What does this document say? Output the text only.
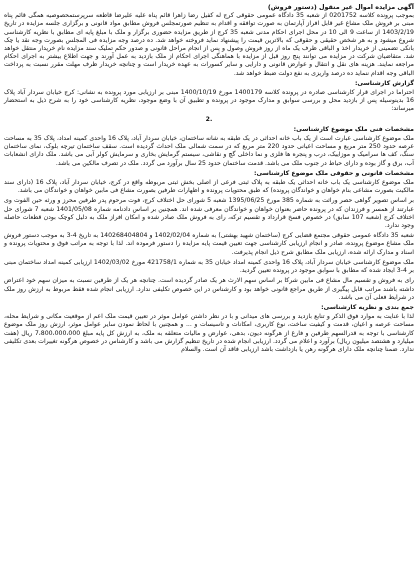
آگهی مزایده اموال غیر منقول (دستور فروش)
بموجب پرونده کلاسه 0201752 از شعبه 35 دادگاه عمومی حقوقی کرج له کفیل رضا زاهرا قائم پناه علیه علیرضا قاطعه سرپرستمحصوصیه همگی قائم پناه مبنی بر فروش ملک مشاع غیر قابل افراز آپارتمان به صورت توافقه و اقدام به تنظیم صورتمجلس فروش مطابق مواد قانونی و برگزاری جلسه مزایده در تاریخ 1403/2/19 از ساعت 9 الی 10 در محل اجرای احکام مدنی شعبه 35 کرج از طریق مزایده حضوری برگزار و ملک با مبلغ پایه ای مطابق با نظریه کارشناسی شروع میشود و به هر شخص حقیقی و حقوقی که بالاترین قیمت را پیشنهاد نماید فروخته خواهد شد. ده درصد وجه مزایده فی المجلس بصورت وجه نقد یا چک بانکی تضمینی از خریدار اخذ و الباقی ظرف یک ماه از روز فروش وصول و پس از انجام مراحل قانونی و صدور حکم تملیک سند مزایده نام خریدار منتقل خواهد شد. متقاضیان شرکت در مزایده می توانند پنج روز قبل از مزایده با هماهنگی اجرای احکام از ملک بازدید به عمل آورند و جهت اطلاع بیشتر به اجرای احکام مراجعه نمایند. هزینه های نقل و انتقال و عوارض قانونی و دارایی و سایر کسورات به عهده خریدار است و چنانچه خریدار ظرف مهلت مقرر نسبت به پرداخت الباقی وجه اقدام ننماید ده درصد واریزی به نفع دولت ضبط خواهد شد.
گزارش کارشناسی:
احتراما در اجرای قرار کارشناسی صادره در پرونده کلاسه 1400179 مورخ 1400/10/19 مبنی بر ارزیابی مورد پرونده به نشانی: کرج خیابان سردار آباد پلاک 16 بدینوسیله پس از بازدید محل و بررسی سوابق و مدارک موجود در پرونده و تطبیق آن با وضع موجود، نظریه کارشناسی خود را به شرح ذیل به استحضار میرساند:
2.
مشخصات فنی ملک موضوع کارشناسی:
ملک موضوع کارشناسی عبارت است از یک باب خانه احداثی در یک طبقه به شانه ساختمان، خیابان سردار آباد، پلاک 16 واحدی کمینه امداد، پلاک 35 به مساحت عرصه حدود 250 متر مربع و مساحت اعیانی حدود 220 متر مربع که در سمت شمالی ملک احداث گردیده است. سقف ساختمان تیرچه بلوک، نمای ساختمان سنگ، کف ها سرامیک و موزاییک، درب و پنجره ها فلزی و نما داخلی گچ و نقاشی، سیستم گرمایش بخاری و سرمایش کولر آبی می باشد. ملک دارای انشعابات آب، برق و گاز بوده و دارای حیاط در جنوب ملک می باشد. قدمت ساختمان حدود 25 سال برآورد می گردد. ملک در تصرف مالکین می باشد.
مشخصات قانونی و حقوقی ملک موضوع کارشناسی:
ملک موضوع کارشناسی یک باب خانه احداثی یک طبقه به پلاک ثبتی فرعی از اصلی بخش ثبتی مربوطه واقع در کرج، خیابان سردار آباد، پلاک 16 (دارای سند مالکیت بصورت مشاعی بنام خواهان و خواندگان پرونده) که طبق محتویات پرونده و اظهارات طرفین بصورت مشاع فی مابین خواهان و خواندگان می باشد.
بر اساس تصویر گواهی حصر وراثت به شماره 385 مورخ 1395/06/25 شعبه 5 شورای حل اختلاف کرج، فوت مرحوم پدر طرفین محرز و ورثه حین الفوت وی عبارتند از همسر و فرزندان که در پرونده حاضر بعنوان خواهان و خواندگان معرفی شده اند. همچنین بر اساس دادنامه شماره 1401/05/08 شعبه 7 شورای حل اختلاف کرج (شعبه 107 سابق) در خصوص فسخ قرارداد و تقسیم ترکه، رای به فروش ملک صادر شده و امکان افراز ملک به دلیل کوچک بودن قطعات حاصله وجود ندارد.
شعبه 35 دادگاه عمومی حقوقی مجتمع قضایی کرج (ساختمان شهید بهشتی) به شماره 1402/02/04 و 140268404804 به تاریخ 4-3 به موجب دستور فروش ملک مشاع موضوع پرونده، صادر و انجام ارزیابی کارشناسی جهت تعیین قیمت پایه مزایده را دستور فرموده اند. لذا با توجه به مراتب فوق و محتویات پرونده و اسناد و مدارک ارائه شده، ارزیابی ملک مطابق شرح ذیل انجام پذیرفت.
ملک موضوع کارشناسی خیابان سردار آباد، پلاک 16 واحدی کمینه امداد خیابان 35 به شماره 421758/1 مورخ 1402/03/02 ارزیابی کمینه امداد ساختمان مبنی بر 4-3 ایجاد شده که مطابق با سوابق موجود در پرونده تعیین گردید.
رای به فروش و تقسیم مال مشاع فی مابین شرکا بر اساس سهم الارث هر یک صادر گردیده است. چنانچه هر یک از طرفین نسبت به میزان سهم خود اعتراض داشته باشند مراتب قابل پیگیری از طریق مراجع قانونی خواهد بود و کارشناس در این خصوص تکلیفی ندارد. ارزیابی انجام شده فقط مربوط به ارزش روز ملک در شرایط فعلی آن می باشد.
جمع بندی و نظریه کارشناسی:
لذا با عنایت به موارد فوق الذکر و تنابع بازدید و بررسی های میدانی و با در نظر داشتن عوامل موثر در تعیین قیمت ملک اعم از موقعیت مکانی و شرایط محله، مساحت عرصه و اعیان، قدمت و کیفیت ساخت، نوع کاربری، امکانات و تاسیسات و ... و همچنین با لحاظ نمودن سایر عوامل موثر، ارزش روز ملک موضوع کارشناسی با توجه به قدرالسهم طرفین و فارغ از هرگونه دیون، بدهی، عوارض و مالیات متعلقه به ملک، به ارزش کل پایه مبلغ 7،800،000،000 ریال (هفت میلیارد و هشتصد میلیون ریال) برآورد و اعلام می گردد. ارزیابی انجام شده در تاریخ تنظیم گزارش می باشد و کارشناس در خصوص هرگونه تغییرات بعدی تکلیفی ندارد. ضمنا چنانچه ملک دارای هرگونه رهن یا بازداشت باشد ارزیابی فاقد آن است. والسلام
